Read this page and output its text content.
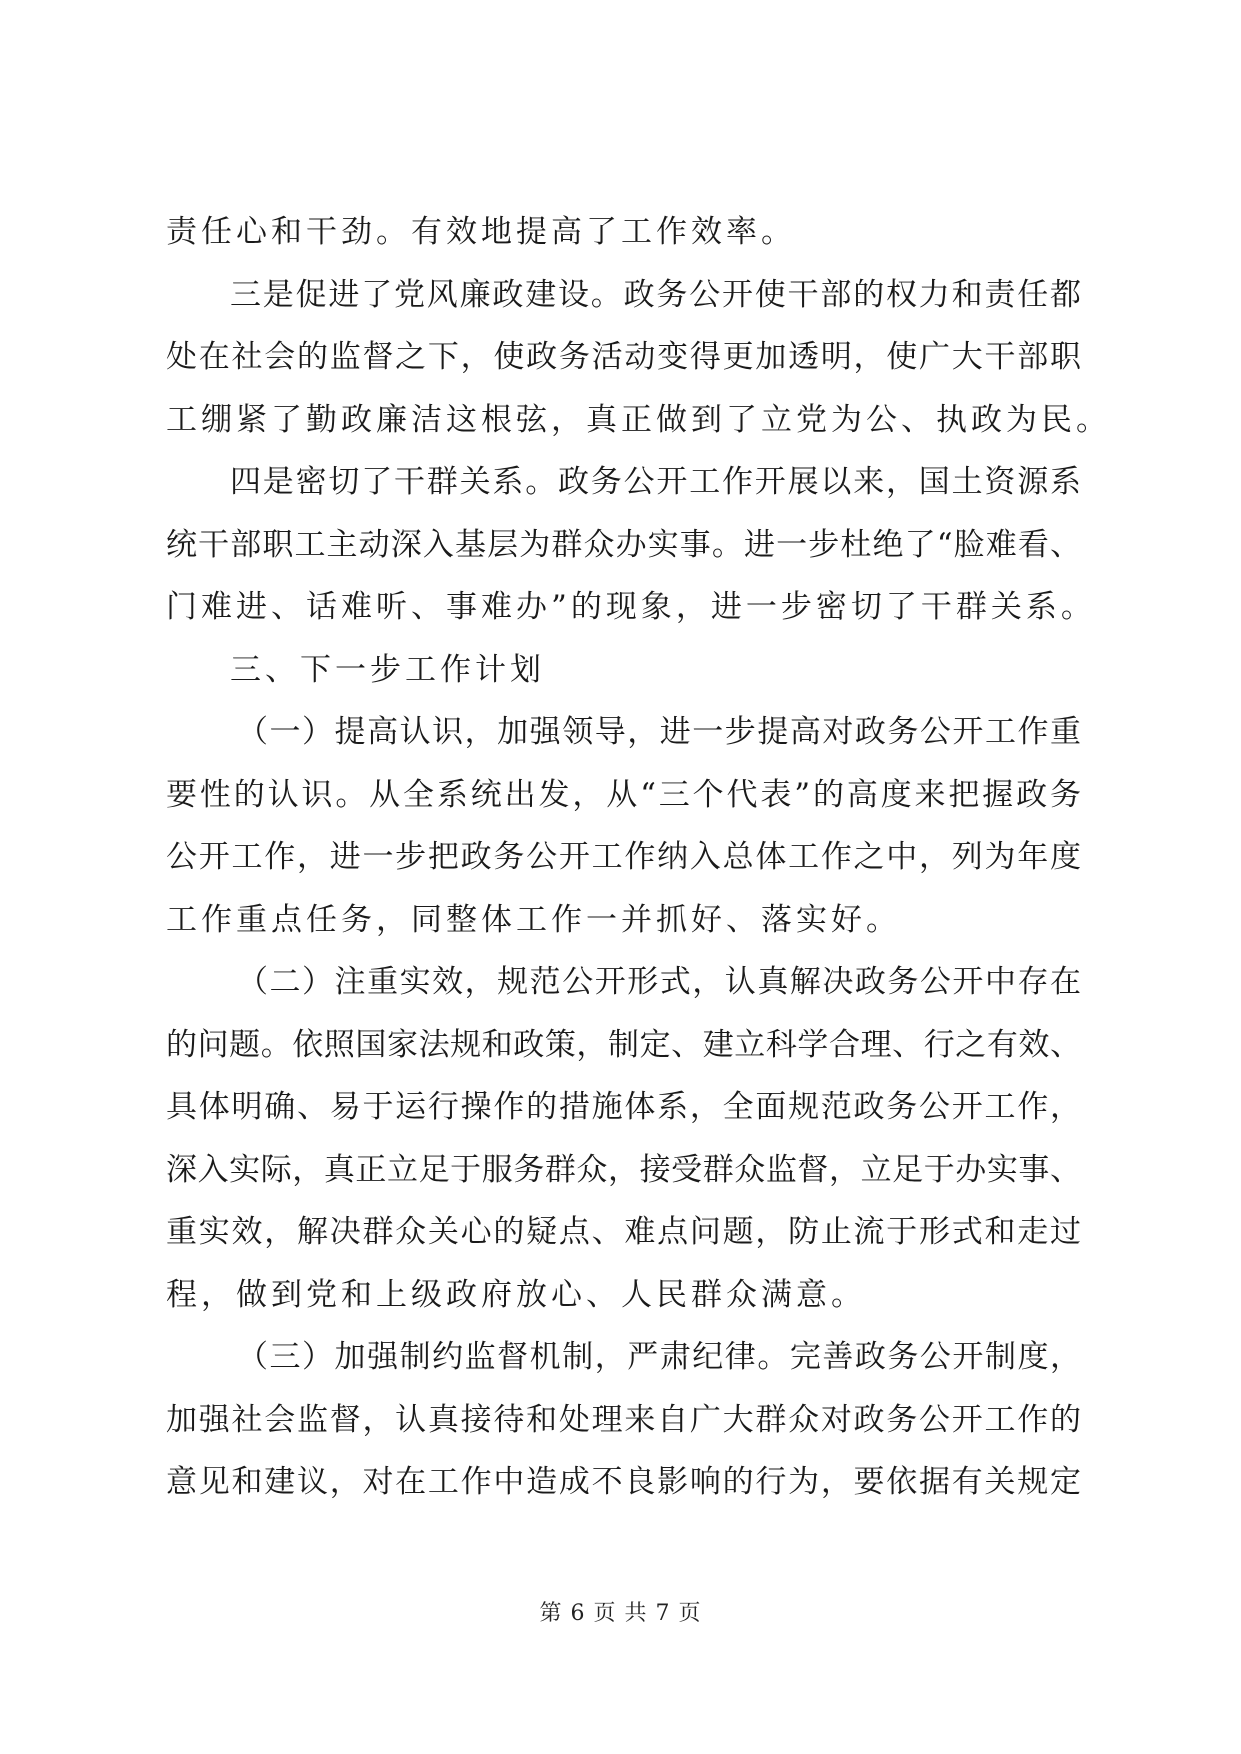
责任心和干劲。有效地提高了工作效率。
三是促进了党风廉政建设。政务公开使干部的权力和责任都
处在社会的监督之下，使政务活动变得更加透明，使广大干部职
工绷紧了勤政廉洁这根弦，真正做到了立党为公、执政为民。
四是密切了干群关系。政务公开工作开展以来，国土资源系
统干部职工主动深入基层为群众办实事。进一步杜绝了“脸难看、
门难进、话难听、事难办”的现象，进一步密切了干群关系。
三、下一步工作计划
（一）提高认识，加强领导，进一步提高对政务公开工作重
要性的认识。从全系统出发，从“三个代表”的高度来把握政务
公开工作，进一步把政务公开工作纳入总体工作之中，列为年度
工作重点任务，同整体工作一并抓好、落实好。
（二）注重实效，规范公开形式，认真解决政务公开中存在
的问题。依照国家法规和政策，制定、建立科学合理、行之有效、
具体明确、易于运行操作的措施体系，全面规范政务公开工作，
深入实际，真正立足于服务群众，接受群众监督，立足于办实事、
重实效，解决群众关心的疑点、难点问题，防止流于形式和走过
程，做到党和上级政府放心、人民群众满意。
（三）加强制约监督机制，严肃纪律。完善政务公开制度，
加强社会监督，认真接待和处理来自广大群众对政务公开工作的
意见和建议，对在工作中造成不良影响的行为，要依据有关规定
第 6 页 共 7 页
